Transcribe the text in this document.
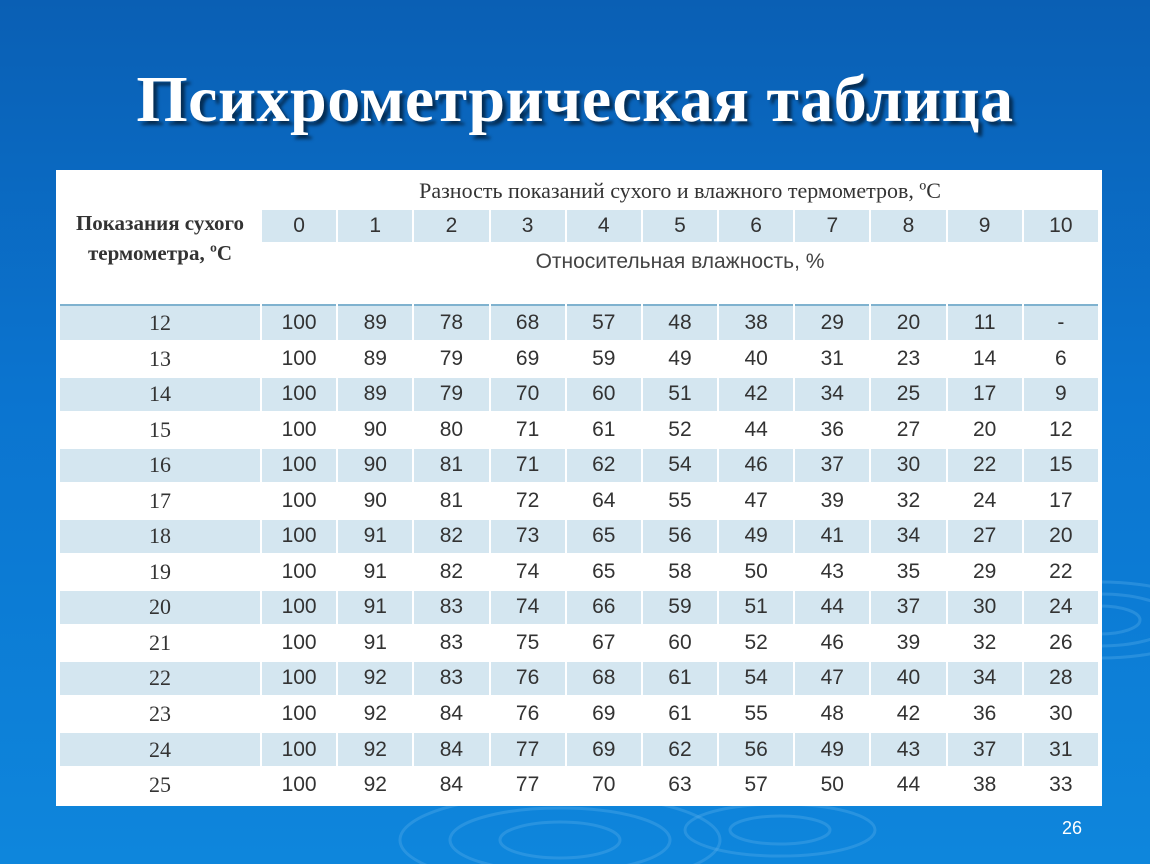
Психрометрическая таблица
Показания сухого термометра, ºС	Разность показаний сухого и влажного термометров, ºС										
	0	1	2	3	4	5	6	7	8	9	10
	Относительная влажность, %										
12	100	89	78	68	57	48	38	29	20	11	-
13	100	89	79	69	59	49	40	31	23	14	6
14	100	89	79	70	60	51	42	34	25	17	9
15	100	90	80	71	61	52	44	36	27	20	12
16	100	90	81	71	62	54	46	37	30	22	15
17	100	90	81	72	64	55	47	39	32	24	17
18	100	91	82	73	65	56	49	41	34	27	20
19	100	91	82	74	65	58	50	43	35	29	22
20	100	91	83	74	66	59	51	44	37	30	24
21	100	91	83	75	67	60	52	46	39	32	26
22	100	92	83	76	68	61	54	47	40	34	28
23	100	92	84	76	69	61	55	48	42	36	30
24	100	92	84	77	69	62	56	49	43	37	31
25	100	92	84	77	70	63	57	50	44	38	33
26
